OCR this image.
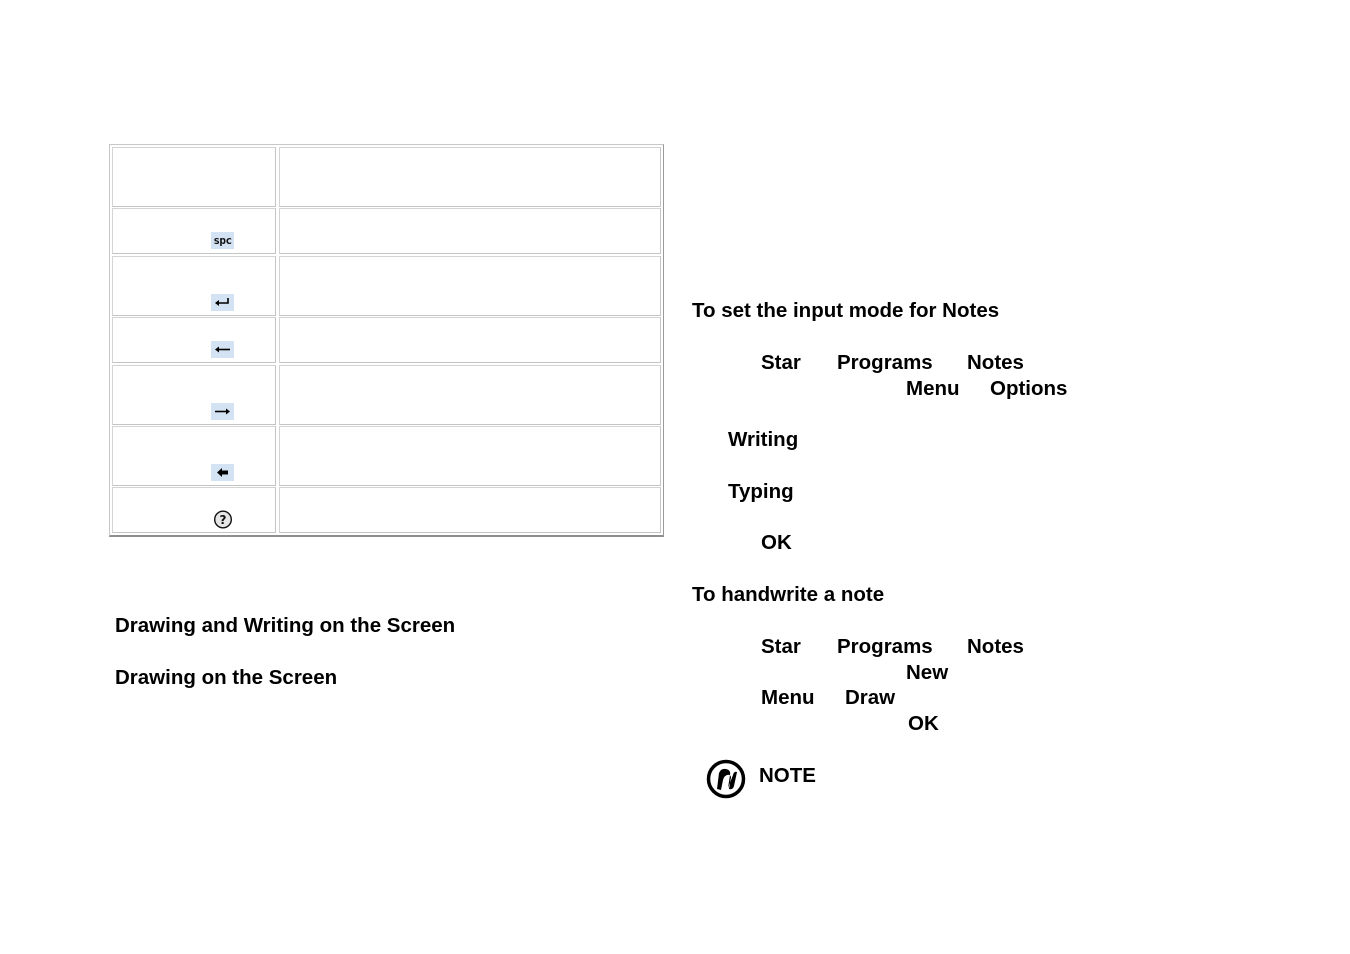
spc
?
Drawing and Writing on the Screen
Drawing on the Screen
To set the input mode for Notes
Star Programs Notes
Menu Options
Writing
Typing
OK
To handwrite a note
Star Programs Notes
New
Menu Draw
OK
NOTE
